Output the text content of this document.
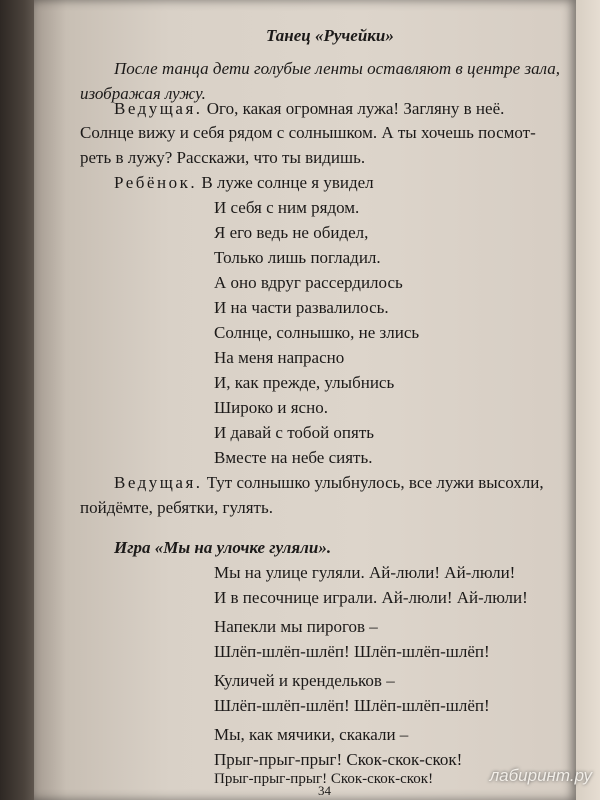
Танец «Ручейки»
После танца дети голубые ленты оставляют в центре зала,
изображая лужу.
Ведущая. Ого, какая огромная лужа! Загляну в неё.
Солнце вижу и себя рядом с солнышком. А ты хочешь посмот-
реть в лужу? Расскажи, что ты видишь.
Ребёнок. В луже солнце я увидел
И себя с ним рядом.
Я его ведь не обидел,
Только лишь погладил.
А оно вдруг рассердилось
И на части развалилось.
Солнце, солнышко, не злись
На меня напрасно
И, как прежде, улыбнись
Широко и ясно.
И давай с тобой опять
Вместе на небе сиять.
Ведущая. Тут солнышко улыбнулось, все лужи высохли,
пойдёмте, ребятки, гулять.
Игра «Мы на улочке гуляли».
Мы на улице гуляли. Ай-люли! Ай-люли!
И в песочнице играли. Ай-люли! Ай-люли!
Напекли мы пирогов –
Шлёп-шлёп-шлёп! Шлёп-шлёп-шлёп!
Куличей и крендельков –
Шлёп-шлёп-шлёп! Шлёп-шлёп-шлёп!
Мы, как мячики, скакали –
Прыг-прыг-прыг! Скок-скок-скок!
Прыг-прыг-прыг! Скок-скок-скок!
34
лабиринт.ру
